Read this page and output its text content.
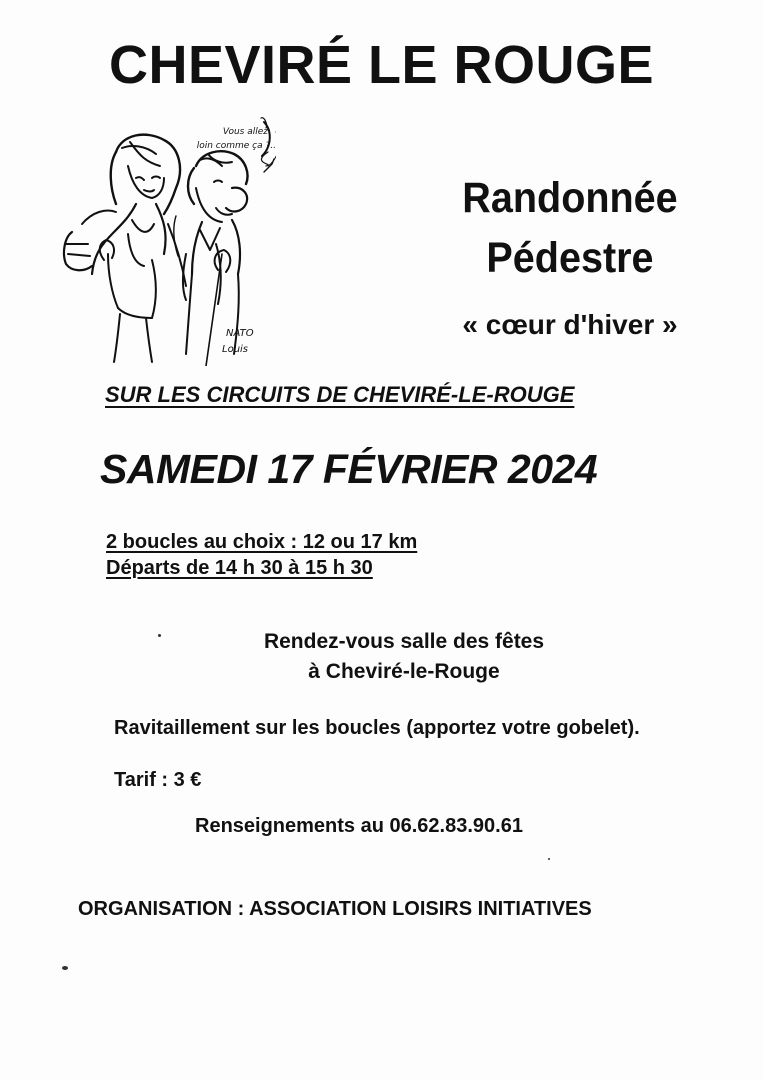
CHEVIRÉ LE ROUGE
Vous allez
loin comme ça ?..
NATO
Louis
Randonnée
Pédestre
« cœur d'hiver »
SUR LES CIRCUITS DE CHEVIRÉ-LE-ROUGE
SAMEDI 17 FÉVRIER 2024
2 boucles au choix : 12 ou 17 km
Départs de 14 h 30 à 15 h 30
Rendez-vous salle des fêtes
à Cheviré-le-Rouge
Ravitaillement sur les boucles (apportez votre gobelet).
Tarif : 3 €
Renseignements au 06.62.83.90.61
ORGANISATION : ASSOCIATION LOISIRS INITIATIVES
